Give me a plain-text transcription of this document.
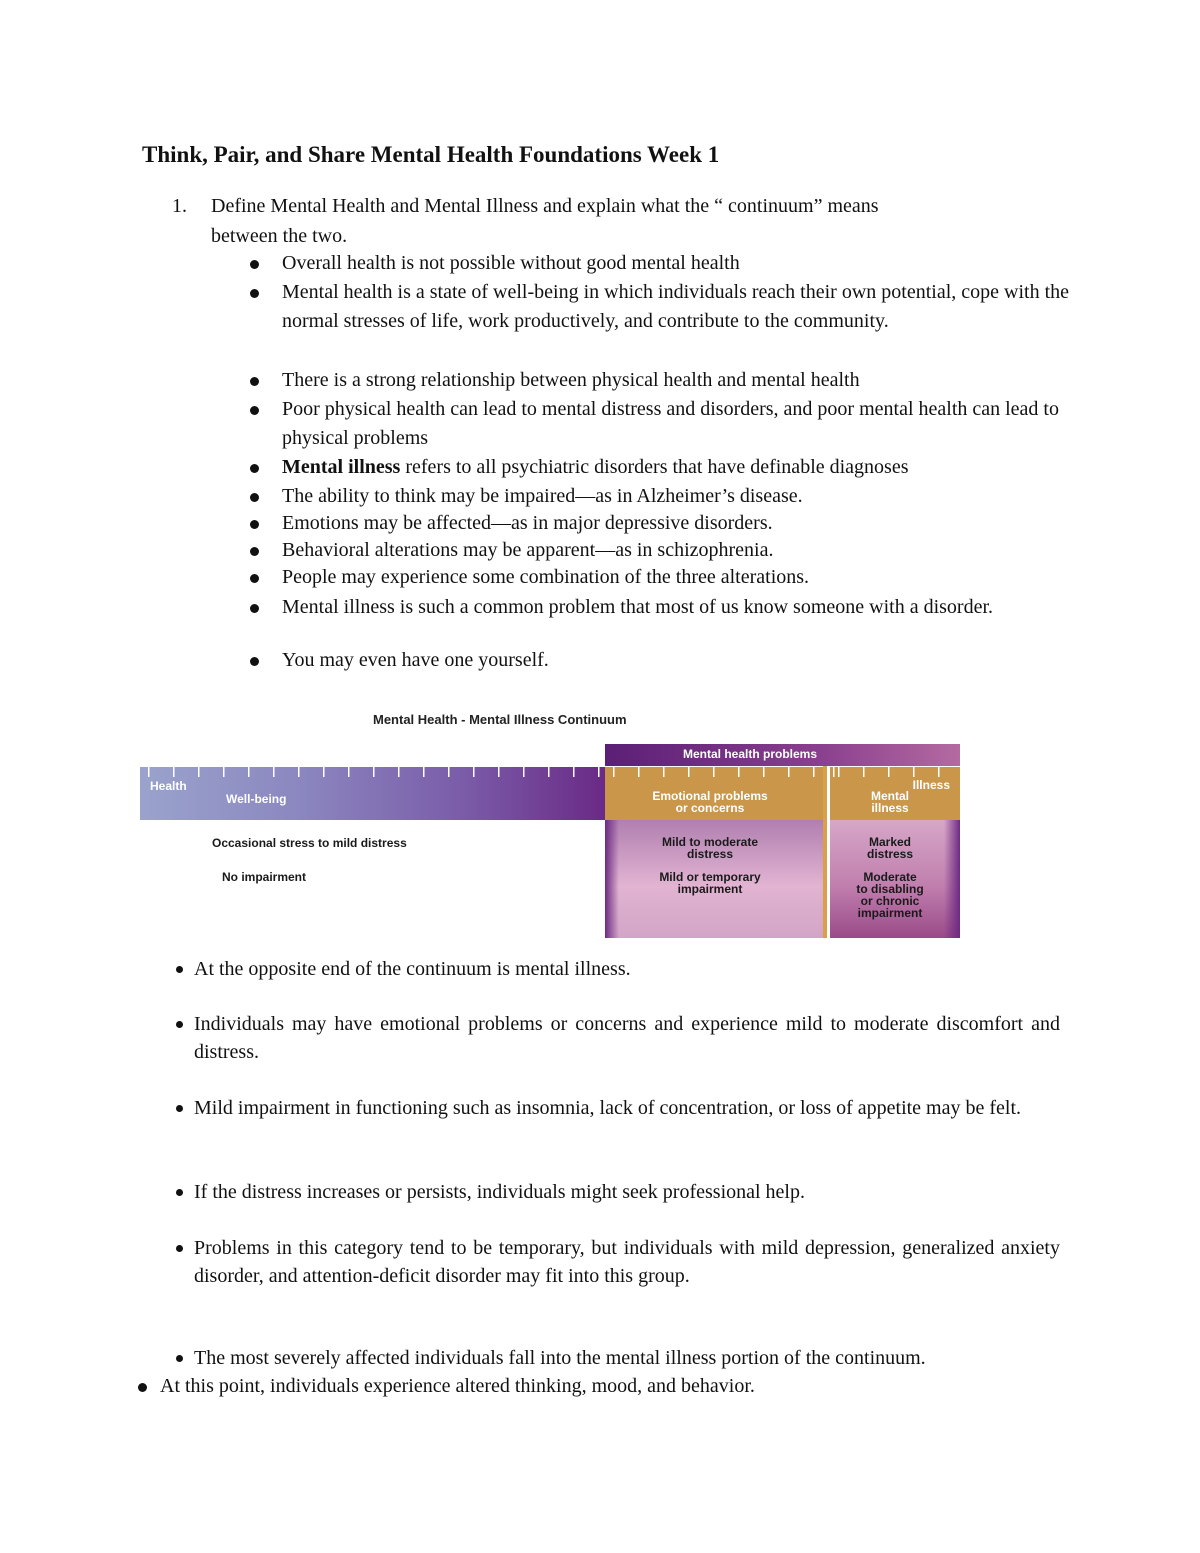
Think, Pair, and Share Mental Health Foundations Week 1
1. Define Mental Health and Mental Illness and explain what the “ continuum” means
between the two.
Overall health is not possible without good mental health
Mental health is a state of well-being in which individuals reach their own potential, cope with the normal stresses of life, work productively, and contribute to the community.
There is a strong relationship between physical health and mental health
Poor physical health can lead to mental distress and disorders, and poor mental health can lead to physical problems
Mental illness refers to all psychiatric disorders that have definable diagnoses
The ability to think may be impaired—as in Alzheimer’s disease.
Emotions may be affected—as in major depressive disorders.
Behavioral alterations may be apparent—as in schizophrenia.
People may experience some combination of the three alterations.
Mental illness is such a common problem that most of us know someone with a disorder.
You may even have one yourself.
Mental Health - Mental Illness Continuum
Health
Well-being
Mental health problems
Emotional problems
or concerns
Mild to moderate
distress
Mild or temporary
impairment
Illness
Mental
illness
Marked
distress
Moderate
to disabling
or chronic
impairment
Occasional stress to mild distress
No impairment
At the opposite end of the continuum is mental illness.
Individuals may have emotional problems or concerns and experience mild to moderate discomfort and distress.
Mild impairment in functioning such as insomnia, lack of concentration, or loss of appetite may be felt.
If the distress increases or persists, individuals might seek professional help.
Problems in this category tend to be temporary, but individuals with mild depression, generalized anxiety disorder, and attention-deficit disorder may fit into this group.
The most severely affected individuals fall into the mental illness portion of the continuum.
At this point, individuals experience altered thinking, mood, and behavior.
